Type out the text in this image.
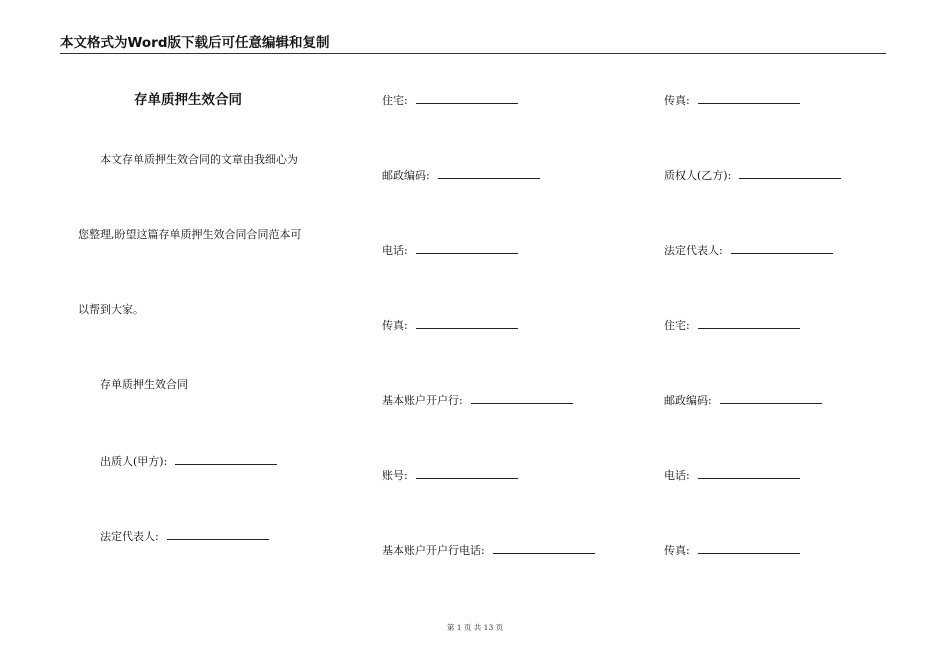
本文格式为Word版下载后可任意编辑和复制
存单质押生效合同
本文存单质押生效合同的文章由我细心为
您整理,盼望这篇存单质押生效合同合同范本可
以帮到大家。
存单质押生效合同
出质人(甲方):
法定代表人:
住宅:
邮政编码:
电话:
传真:
基本账户开户行:
账号:
基本账户开户行电话:
传真:
质权人(乙方):
法定代表人:
住宅:
邮政编码:
电话:
传真:
第 1 页 共 13 页
